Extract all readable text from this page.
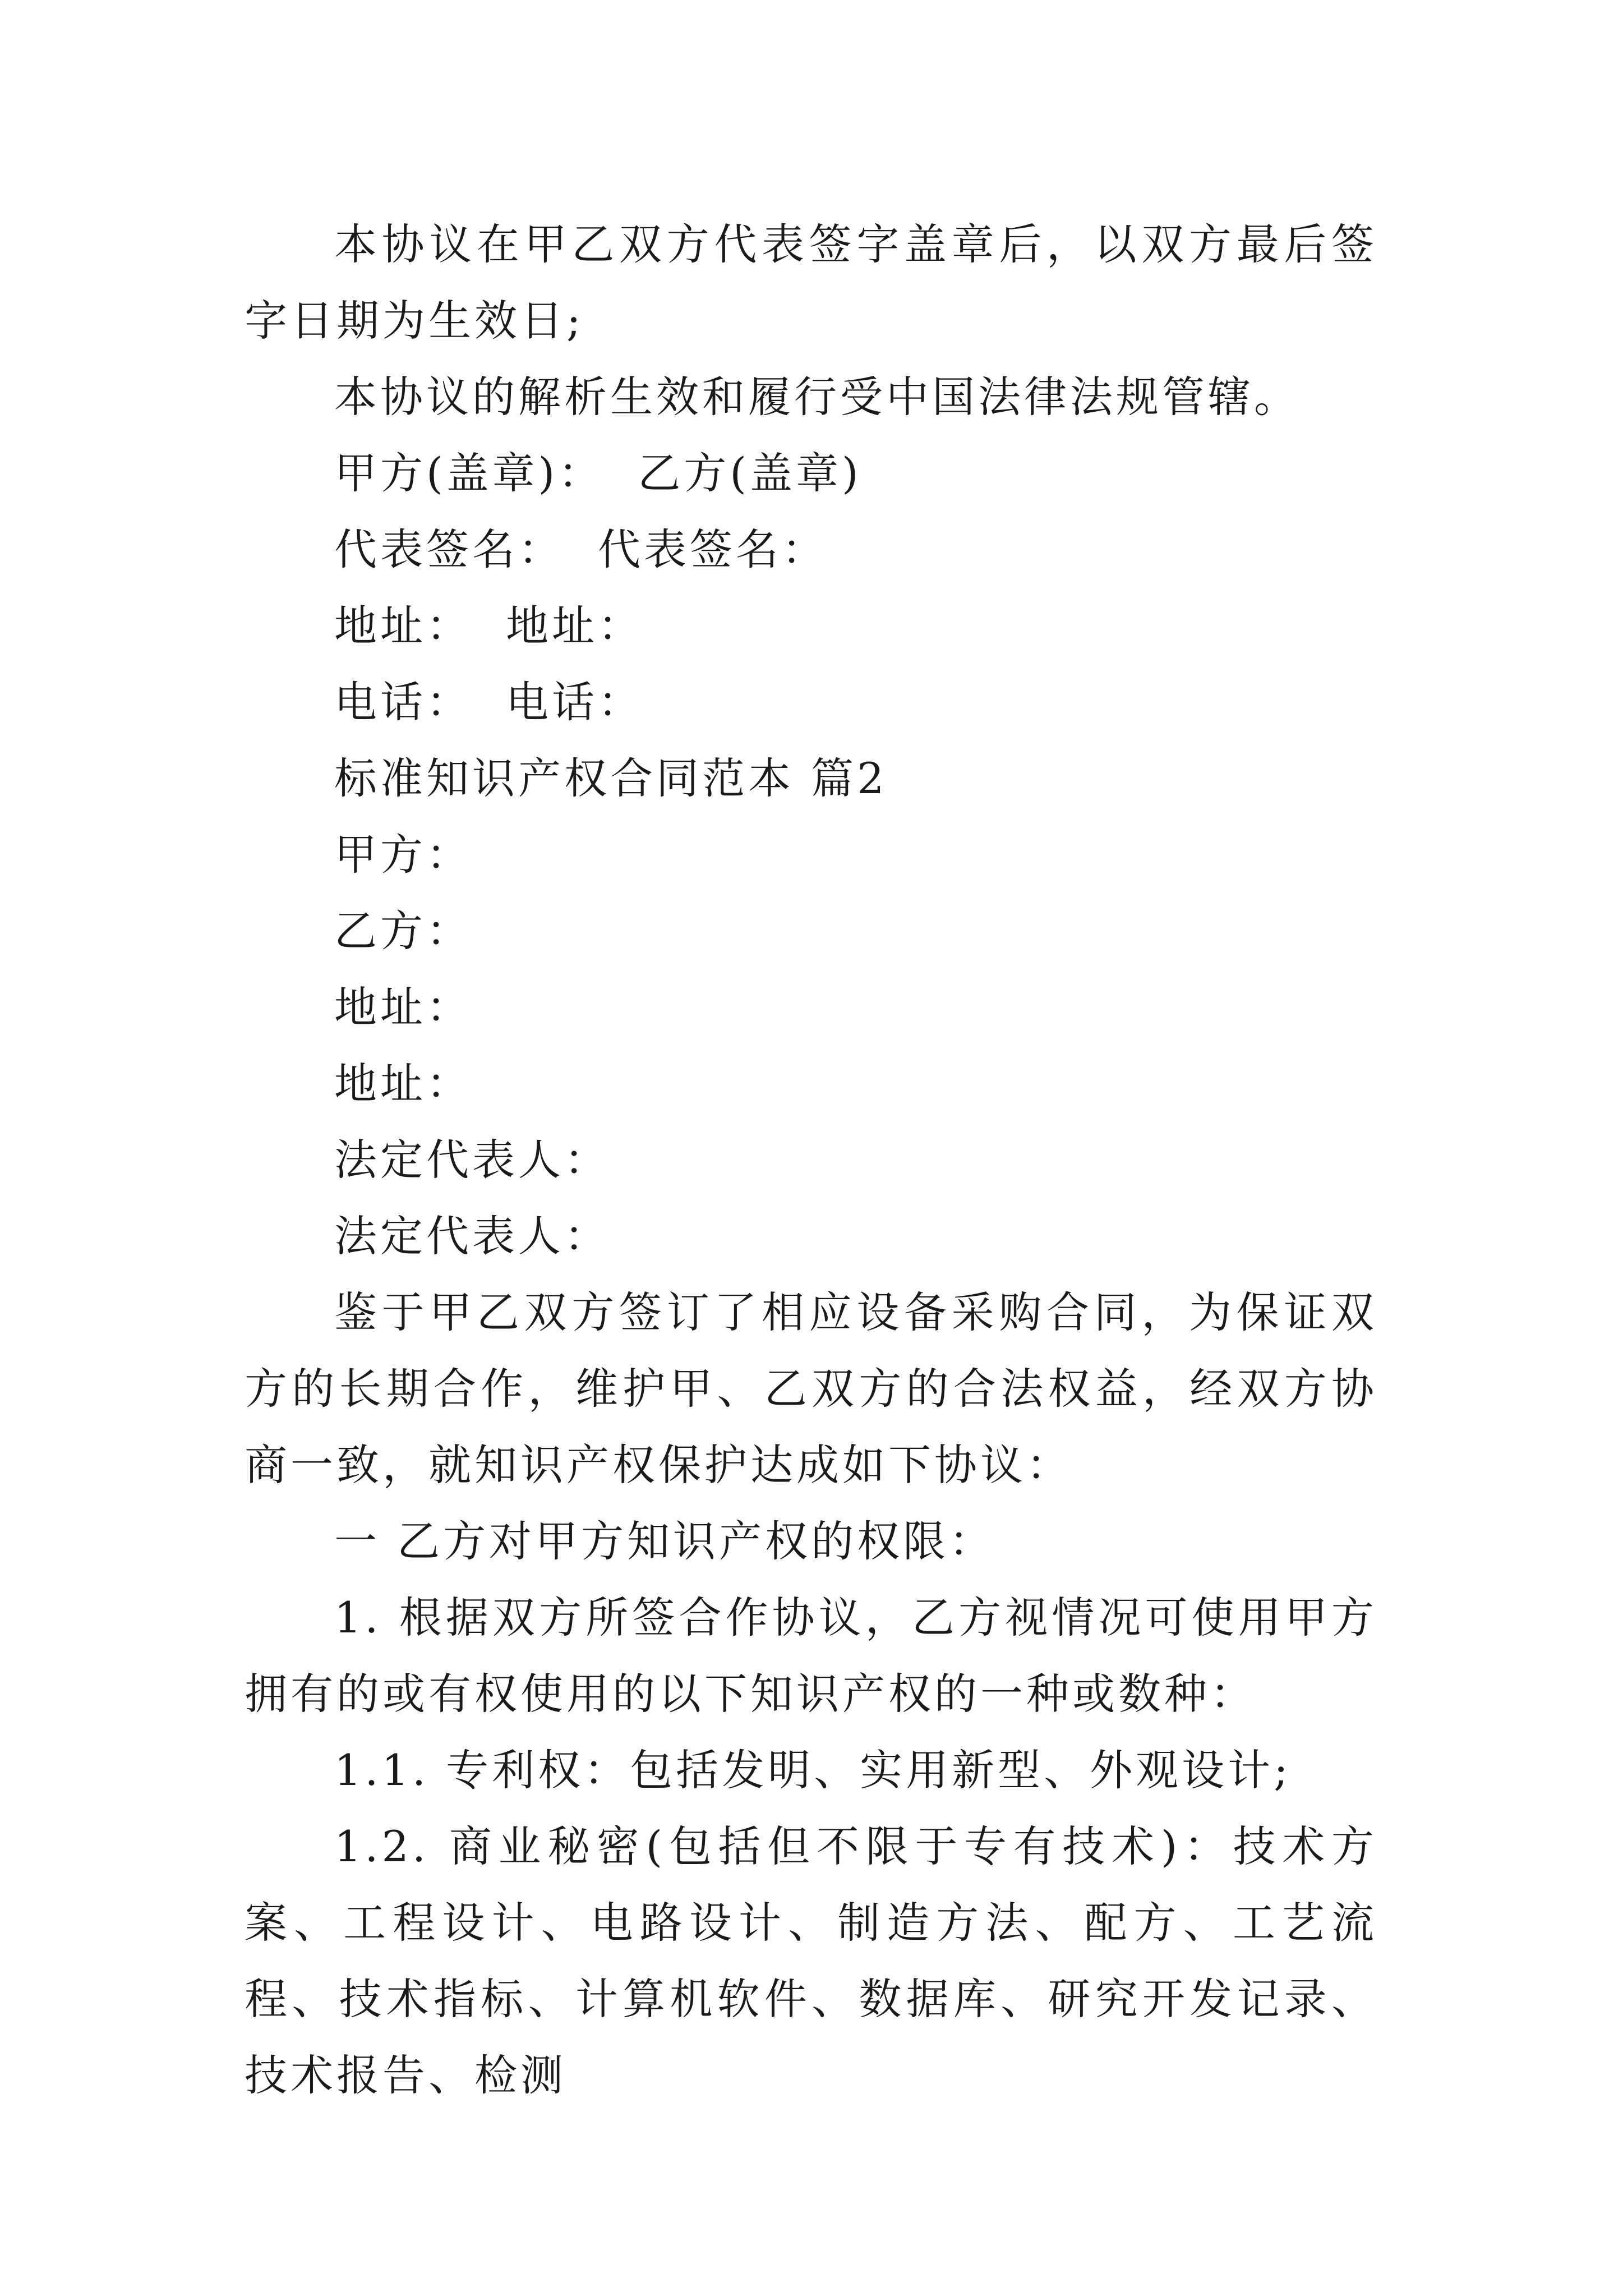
本协议在甲乙双方代表签字盖章后，以双方最后签字日期为生效日;

本协议的解析生效和履行受中国法律法规管辖。

甲方(盖章)： 乙方(盖章)

代表签名： 代表签名：

地址： 地址：

电话： 电话：

标准知识产权合同范本 篇2

甲方：

乙方：

地址：

地址：

法定代表人：

法定代表人：

鉴于甲乙双方签订了相应设备采购合同，为保证双方的长期合作，维护甲、乙双方的合法权益，经双方协商一致，就知识产权保护达成如下协议：

一 乙方对甲方知识产权的权限：

1. 根据双方所签合作协议，乙方视情况可使用甲方拥有的或有权使用的以下知识产权的一种或数种：

1.1. 专利权：包括发明、实用新型、外观设计;

1.2. 商业秘密(包括但不限于专有技术)：技术方案、工程设计、电路设计、制造方法、配方、工艺流程、技术指标、计算机软件、数据库、研究开发记录、技术报告、检测
